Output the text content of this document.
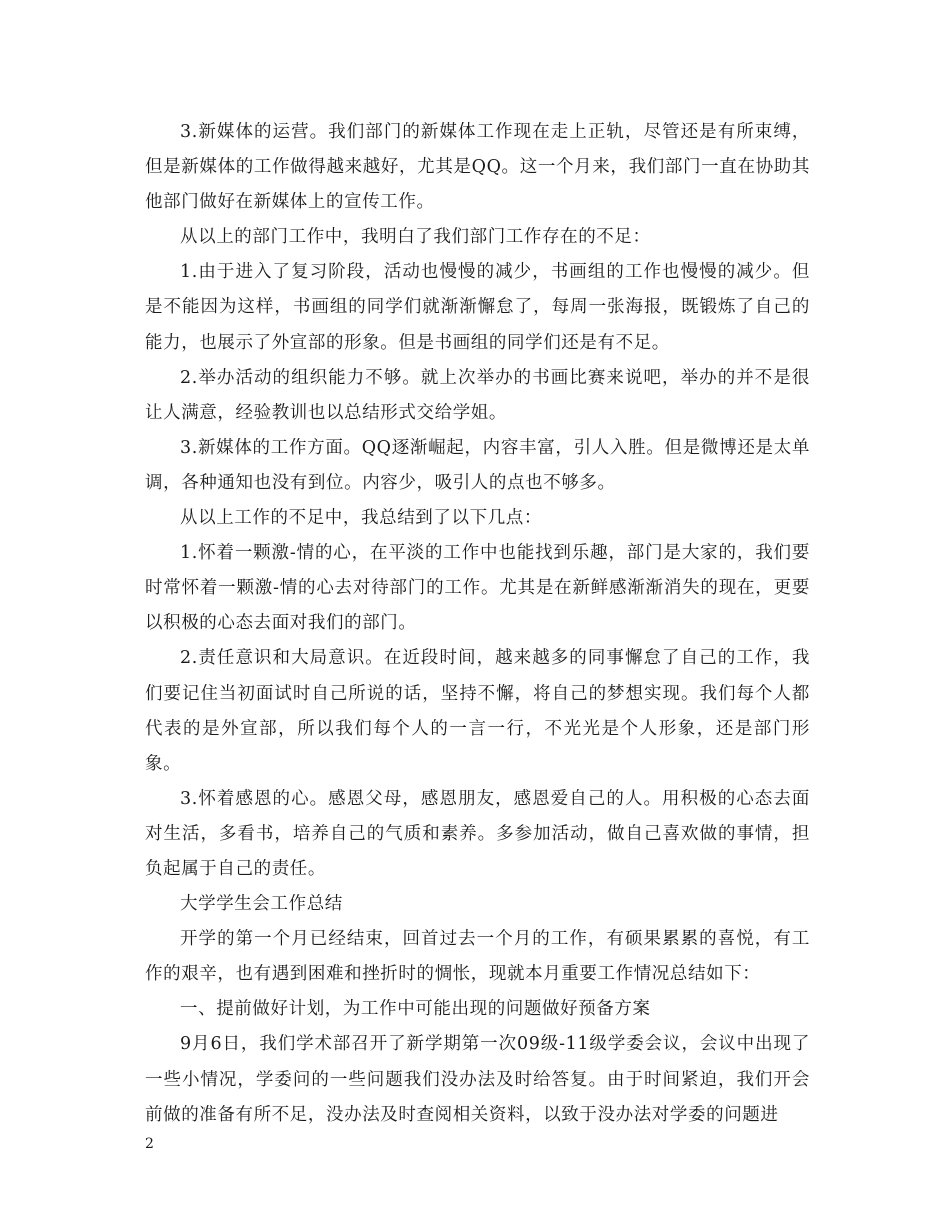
3.新媒体的运营。我们部门的新媒体工作现在走上正轨，尽管还是有所束缚，但是新媒体的工作做得越来越好，尤其是QQ。这一个月来，我们部门一直在协助其他部门做好在新媒体上的宣传工作。

从以上的部门工作中，我明白了我们部门工作存在的不足：

1.由于进入了复习阶段，活动也慢慢的减少，书画组的工作也慢慢的减少。但是不能因为这样，书画组的同学们就渐渐懈怠了，每周一张海报，既锻炼了自己的能力，也展示了外宣部的形象。但是书画组的同学们还是有不足。

2.举办活动的组织能力不够。就上次举办的书画比赛来说吧，举办的并不是很让人满意，经验教训也以总结形式交给学姐。

3.新媒体的工作方面。QQ逐渐崛起，内容丰富，引人入胜。但是微博还是太单调，各种通知也没有到位。内容少，吸引人的点也不够多。

从以上工作的不足中，我总结到了以下几点：

1.怀着一颗激-情的心，在平淡的工作中也能找到乐趣，部门是大家的，我们要时常怀着一颗激-情的心去对待部门的工作。尤其是在新鲜感渐渐消失的现在，更要以积极的心态去面对我们的部门。

2.责任意识和大局意识。在近段时间，越来越多的同事懈怠了自己的工作，我们要记住当初面试时自己所说的话，坚持不懈，将自己的梦想实现。我们每个人都代表的是外宣部，所以我们每个人的一言一行，不光光是个人形象，还是部门形象。

3.怀着感恩的心。感恩父母，感恩朋友，感恩爱自己的人。用积极的心态去面对生活，多看书，培养自己的气质和素养。多参加活动，做自己喜欢做的事情，担负起属于自己的责任。

大学学生会工作总结

开学的第一个月已经结束，回首过去一个月的工作，有硕果累累的喜悦，有工作的艰辛，也有遇到困难和挫折时的惆怅，现就本月重要工作情况总结如下：

一、提前做好计划，为工作中可能出现的问题做好预备方案

9月6日，我们学术部召开了新学期第一次09级-11级学委会议，会议中出现了一些小情况，学委问的一些问题我们没办法及时给答复。由于时间紧迫，我们开会前做的准备有所不足，没办法及时查阅相关资料，以致于没办法对学委的问题进

2
